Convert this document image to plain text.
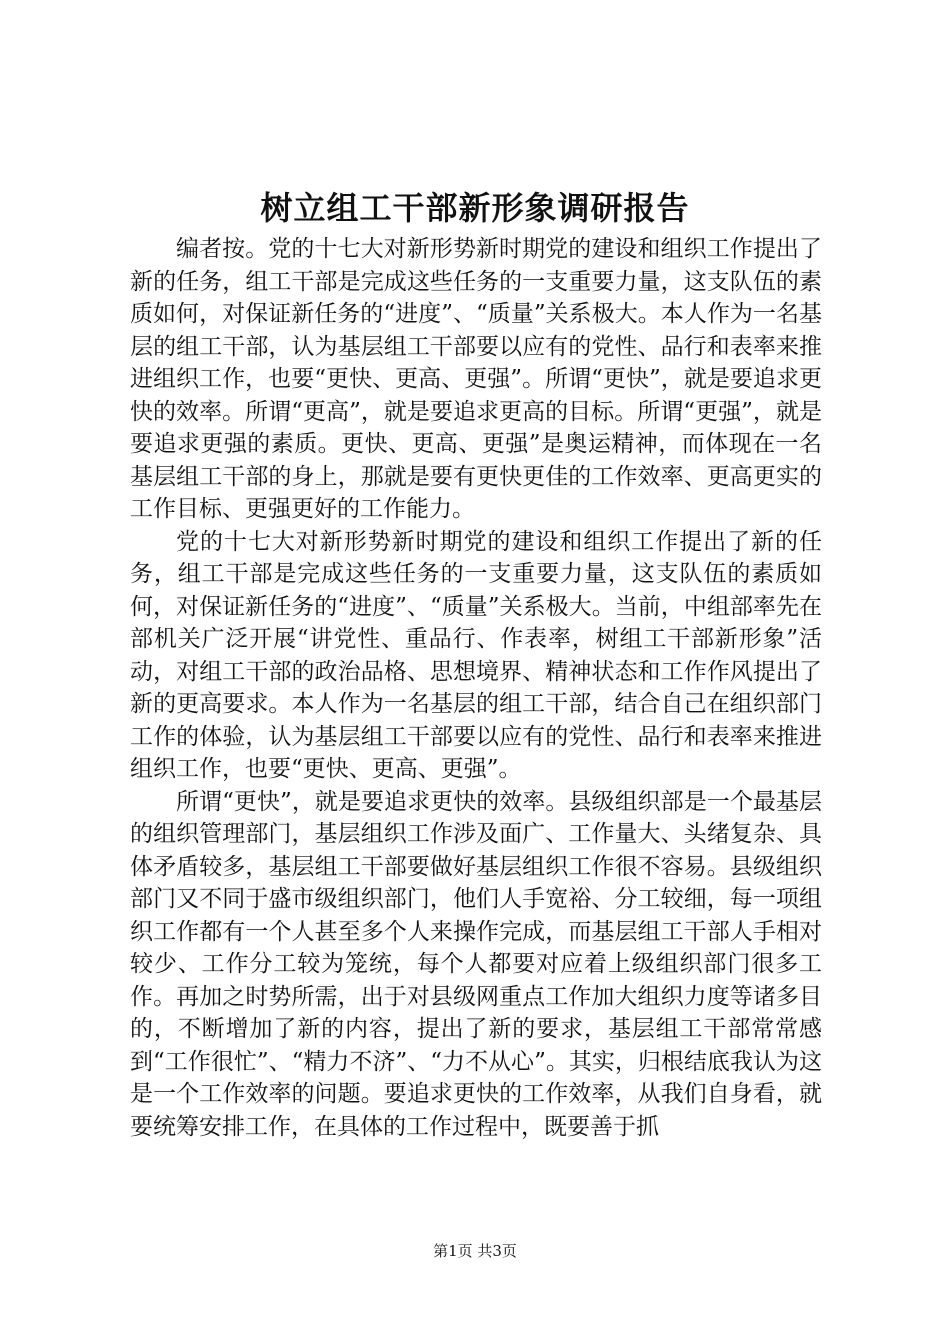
树立组工干部新形象调研报告

编者按。党的十七大对新形势新时期党的建设和组织工作提出了新的任务，组工干部是完成这些任务的一支重要力量，这支队伍的素质如何，对保证新任务的“进度”、“质量”关系极大。本人作为一名基层的组工干部，认为基层组工干部要以应有的党性、品行和表率来推进组织工作，也要“更快、更高、更强”。所谓“更快”，就是要追求更快的效率。所谓“更高”，就是要追求更高的目标。所谓“更强”，就是要追求更强的素质。更快、更高、更强”是奥运精神，而体现在一名基层组工干部的身上，那就是要有更快更佳的工作效率、更高更实的工作目标、更强更好的工作能力。

党的十七大对新形势新时期党的建设和组织工作提出了新的任务，组工干部是完成这些任务的一支重要力量，这支队伍的素质如何，对保证新任务的“进度”、“质量”关系极大。当前，中组部率先在部机关广泛开展“讲党性、重品行、作表率，树组工干部新形象”活动，对组工干部的政治品格、思想境界、精神状态和工作作风提出了新的更高要求。本人作为一名基层的组工干部，结合自己在组织部门工作的体验，认为基层组工干部要以应有的党性、品行和表率来推进组织工作，也要“更快、更高、更强”。

所谓“更快”，就是要追求更快的效率。县级组织部是一个最基层的组织管理部门，基层组织工作涉及面广、工作量大、头绪复杂、具体矛盾较多，基层组工干部要做好基层组织工作很不容易。县级组织部门又不同于盛市级组织部门，他们人手宽裕、分工较细，每一项组织工作都有一个人甚至多个人来操作完成，而基层组工干部人手相对较少、工作分工较为笼统，每个人都要对应着上级组织部门很多工作。再加之时势所需，出于对县级网重点工作加大组织力度等诸多目的，不断增加了新的内容，提出了新的要求，基层组工干部常常感到“工作很忙”、“精力不济”、“力不从心”。其实，归根结底我认为这是一个工作效率的问题。要追求更快的工作效率，从我们自身看，就要统筹安排工作，在具体的工作过程中，既要善于抓

第1页 共3页
